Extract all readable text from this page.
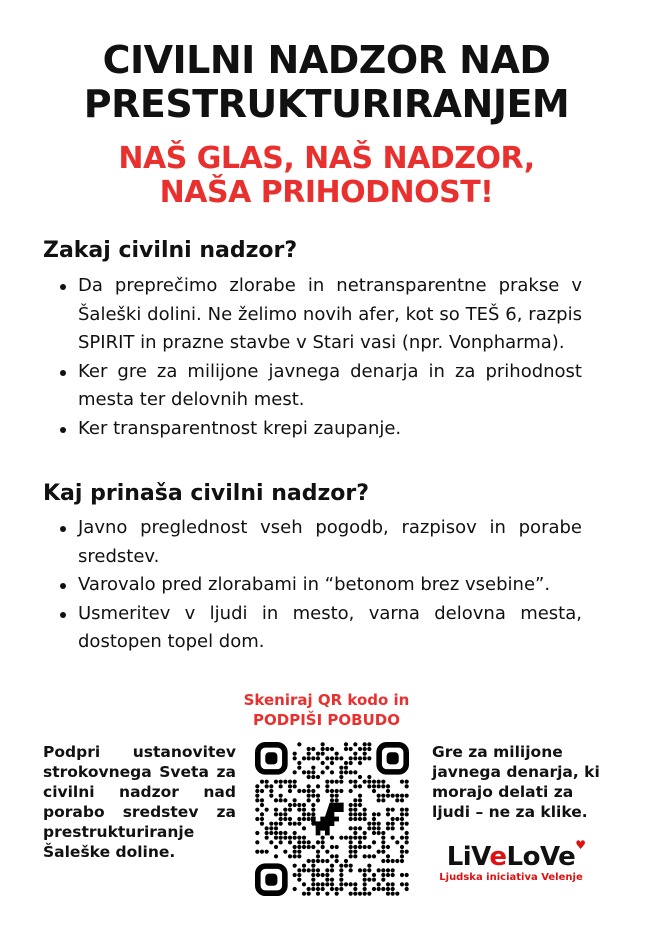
CIVILNI NADZOR NAD
PRESTRUKTURIRANJEM
NAŠ GLAS, NAŠ NADZOR,
NAŠA PRIHODNOST!
Zakaj civilni nadzor?
Da preprečimo zlorabe in netransparentne prakse v Šaleški dolini. Ne želimo novih afer, kot so TEŠ 6, razpis SPIRIT in prazne stavbe v Stari vasi (npr. Vonpharma).
Ker gre za milijone javnega denarja in za prihodnost mesta ter delovnih mest.
Ker transparentnost krepi zaupanje.
Kaj prinaša civilni nadzor?
Javno preglednost vseh pogodb, razpisov in porabe sredstev.
Varovalo pred zlorabami in “betonom brez vsebine”.
Usmeritev v ljudi in mesto, varna delovna mesta, dostopen topel dom.
Skeniraj QR kodo in
PODPIŠI POBUDO
Podpri ustanovitev strokovnega Sveta za civilni nadzor nad porabo sredstev za prestrukturiranje Šaleške doline.
Gre za milijone javnega denarja, ki morajo delati za ljudi – ne za klike.
♥
LiVeLoVe
Ljudska iniciativa Velenje
